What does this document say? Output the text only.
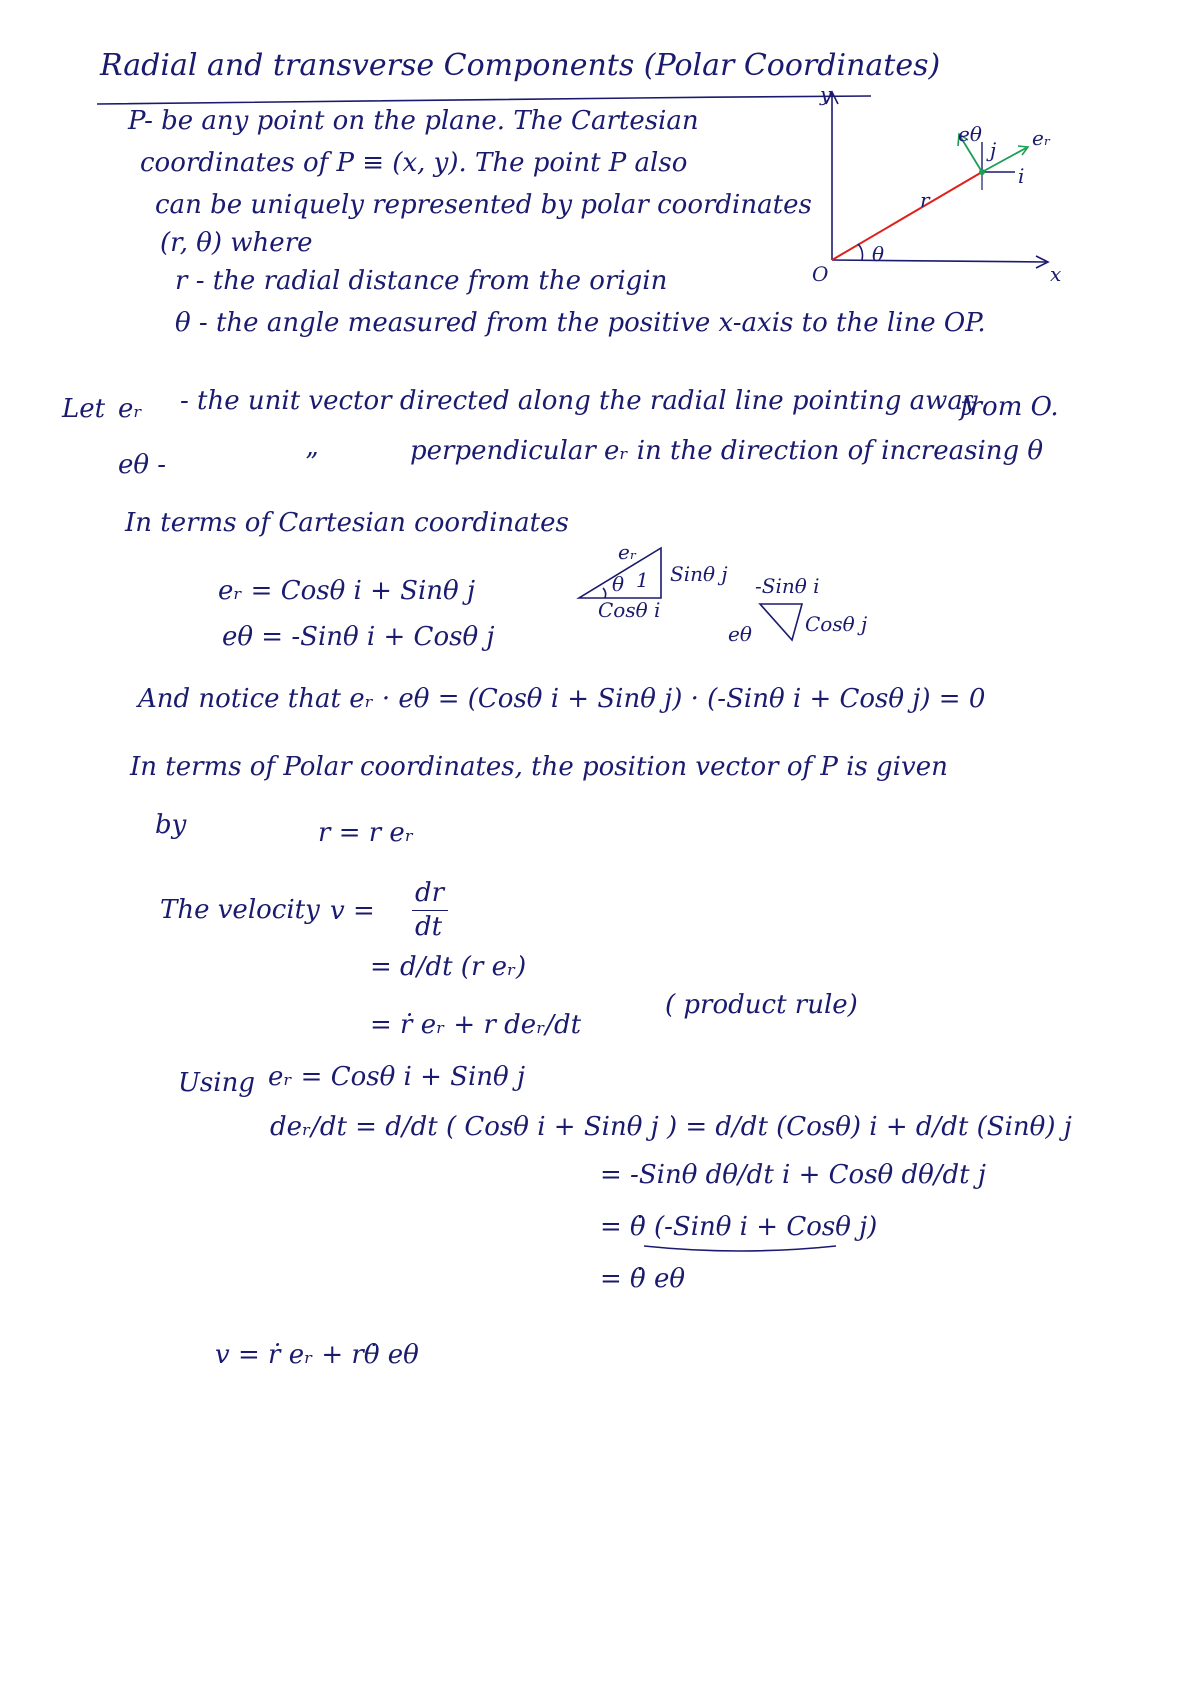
Radial and transverse Components (Polar Coordinates)
P- be any point on the plane. The Cartesian
coordinates of P ≡ (x, y). The point P also
can be uniquely represented by polar coordinates
(r, θ) where
r - the radial distance from the origin
θ - the angle measured from the positive x-axis to the line OP.
y
x
O
r
θ
eᵣ
eθ
i
j
Let eᵣ - the unit vector directed along the radial line pointing away
from O.
eθ -	”	perpendicular eᵣ in the direction of increasing θ
In terms of Cartesian coordinates
eᵣ = Cosθ i + Sinθ j
eθ = -Sinθ i + Cosθ j
eᵣ
1
θ Sinθ j
Cosθ i
-Sinθ i
Cosθ j
eθ
And notice that eᵣ · eθ = (Cosθ i + Sinθ j) · (-Sinθ i + Cosθ j) = 0
In terms of Polar coordinates, the position vector of P is given
by	r = r eᵣ
The velocity v =
dr
dt
= d/dt (r eᵣ)
= ṙ eᵣ + r deᵣ/dt
( product rule)
Using eᵣ = Cosθ i + Sinθ j
deᵣ/dt = d/dt ( Cosθ i + Sinθ j ) = d/dt (Cosθ) i + d/dt (Sinθ) j
= -Sinθ dθ/dt i + Cosθ dθ/dt j
= θ̇ (-Sinθ i + Cosθ j)
= θ̇ eθ
v = ṙ eᵣ + rθ̇ eθ
